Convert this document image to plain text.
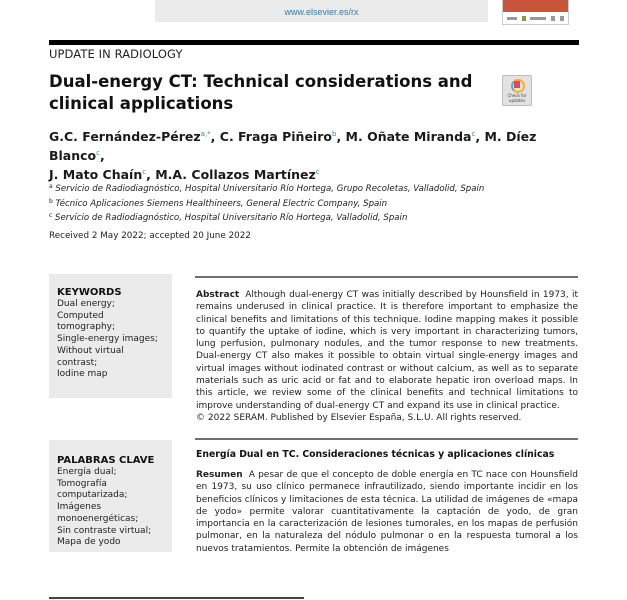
www.elsevier.es/rx
UPDATE IN RADIOLOGY
Dual-energy CT: Technical considerations and clinical applications	Check for updates
G.C. Fernández-Pérez$^{a,*}$, C. Fraga Piñeiro$^b$, M. Oñate Miranda$^c$, M. Díez Blanco$^c$,
J. Mato Chaín$^c$, M.A. Collazos Martínez$^c$
$^a$ Servicio de Radiodiagnóstico, Hospital Universitario Río Hortega, Grupo Recoletas, Valladolid, Spain
$^b$ Técnico Aplicaciones Siemens Healthineers, General Electric Company, Spain
$^c$ Servicio de Radiodiagnóstico, Hospital Universitario Río Hortega, Valladolid, Spain
Received 2 May 2022; accepted 20 June 2022
KEYWORDS
Dual energy;
Computed
tomography;
Single-energy images;
Without virtual
contrast;
Iodine map
Abstract Although dual-energy CT was initially described by Hounsfield in 1973, it remains underused in clinical practice. It is therefore important to emphasize the clinical benefits and limitations of this technique. Iodine mapping makes it possible to quantify the uptake of iodine, which is very important in characterizing tumors, lung perfusion, pulmonary nodules, and the tumor response to new treatments. Dual-energy CT also makes it possible to obtain virtual single-energy images and virtual images without iodinated contrast or without calcium, as well as to separate materials such as uric acid or fat and to elaborate hepatic iron overload maps. In this article, we review some of the clinical benefits and technical limitations to improve understanding of dual-energy CT and expand its use in clinical practice.
© 2022 SERAM. Published by Elsevier España, S.L.U. All rights reserved.
PALABRAS CLAVE
Energía dual;
Tomografía
computarizada;
Imágenes
monoenergéticas;
Sin contraste virtual;
Mapa de yodo
Energía Dual en TC. Consideraciones técnicas y aplicaciones clínicas
Resumen A pesar de que el concepto de doble energía en TC nace con Hounsfield en 1973, su uso clínico permanece infrautilizado, siendo importante incidir en los beneficios clínicos y limitaciones de esta técnica. La utilidad de imágenes de «mapa de yodo» permite valorar cuantitativamente la captación de yodo, de gran importancia en la caracterización de lesiones tumorales, en los mapas de perfusión pulmonar, en la naturaleza del nódulo pulmonar o en la respuesta tumoral a los nuevos tratamientos. Permite la obtención de imágenes
